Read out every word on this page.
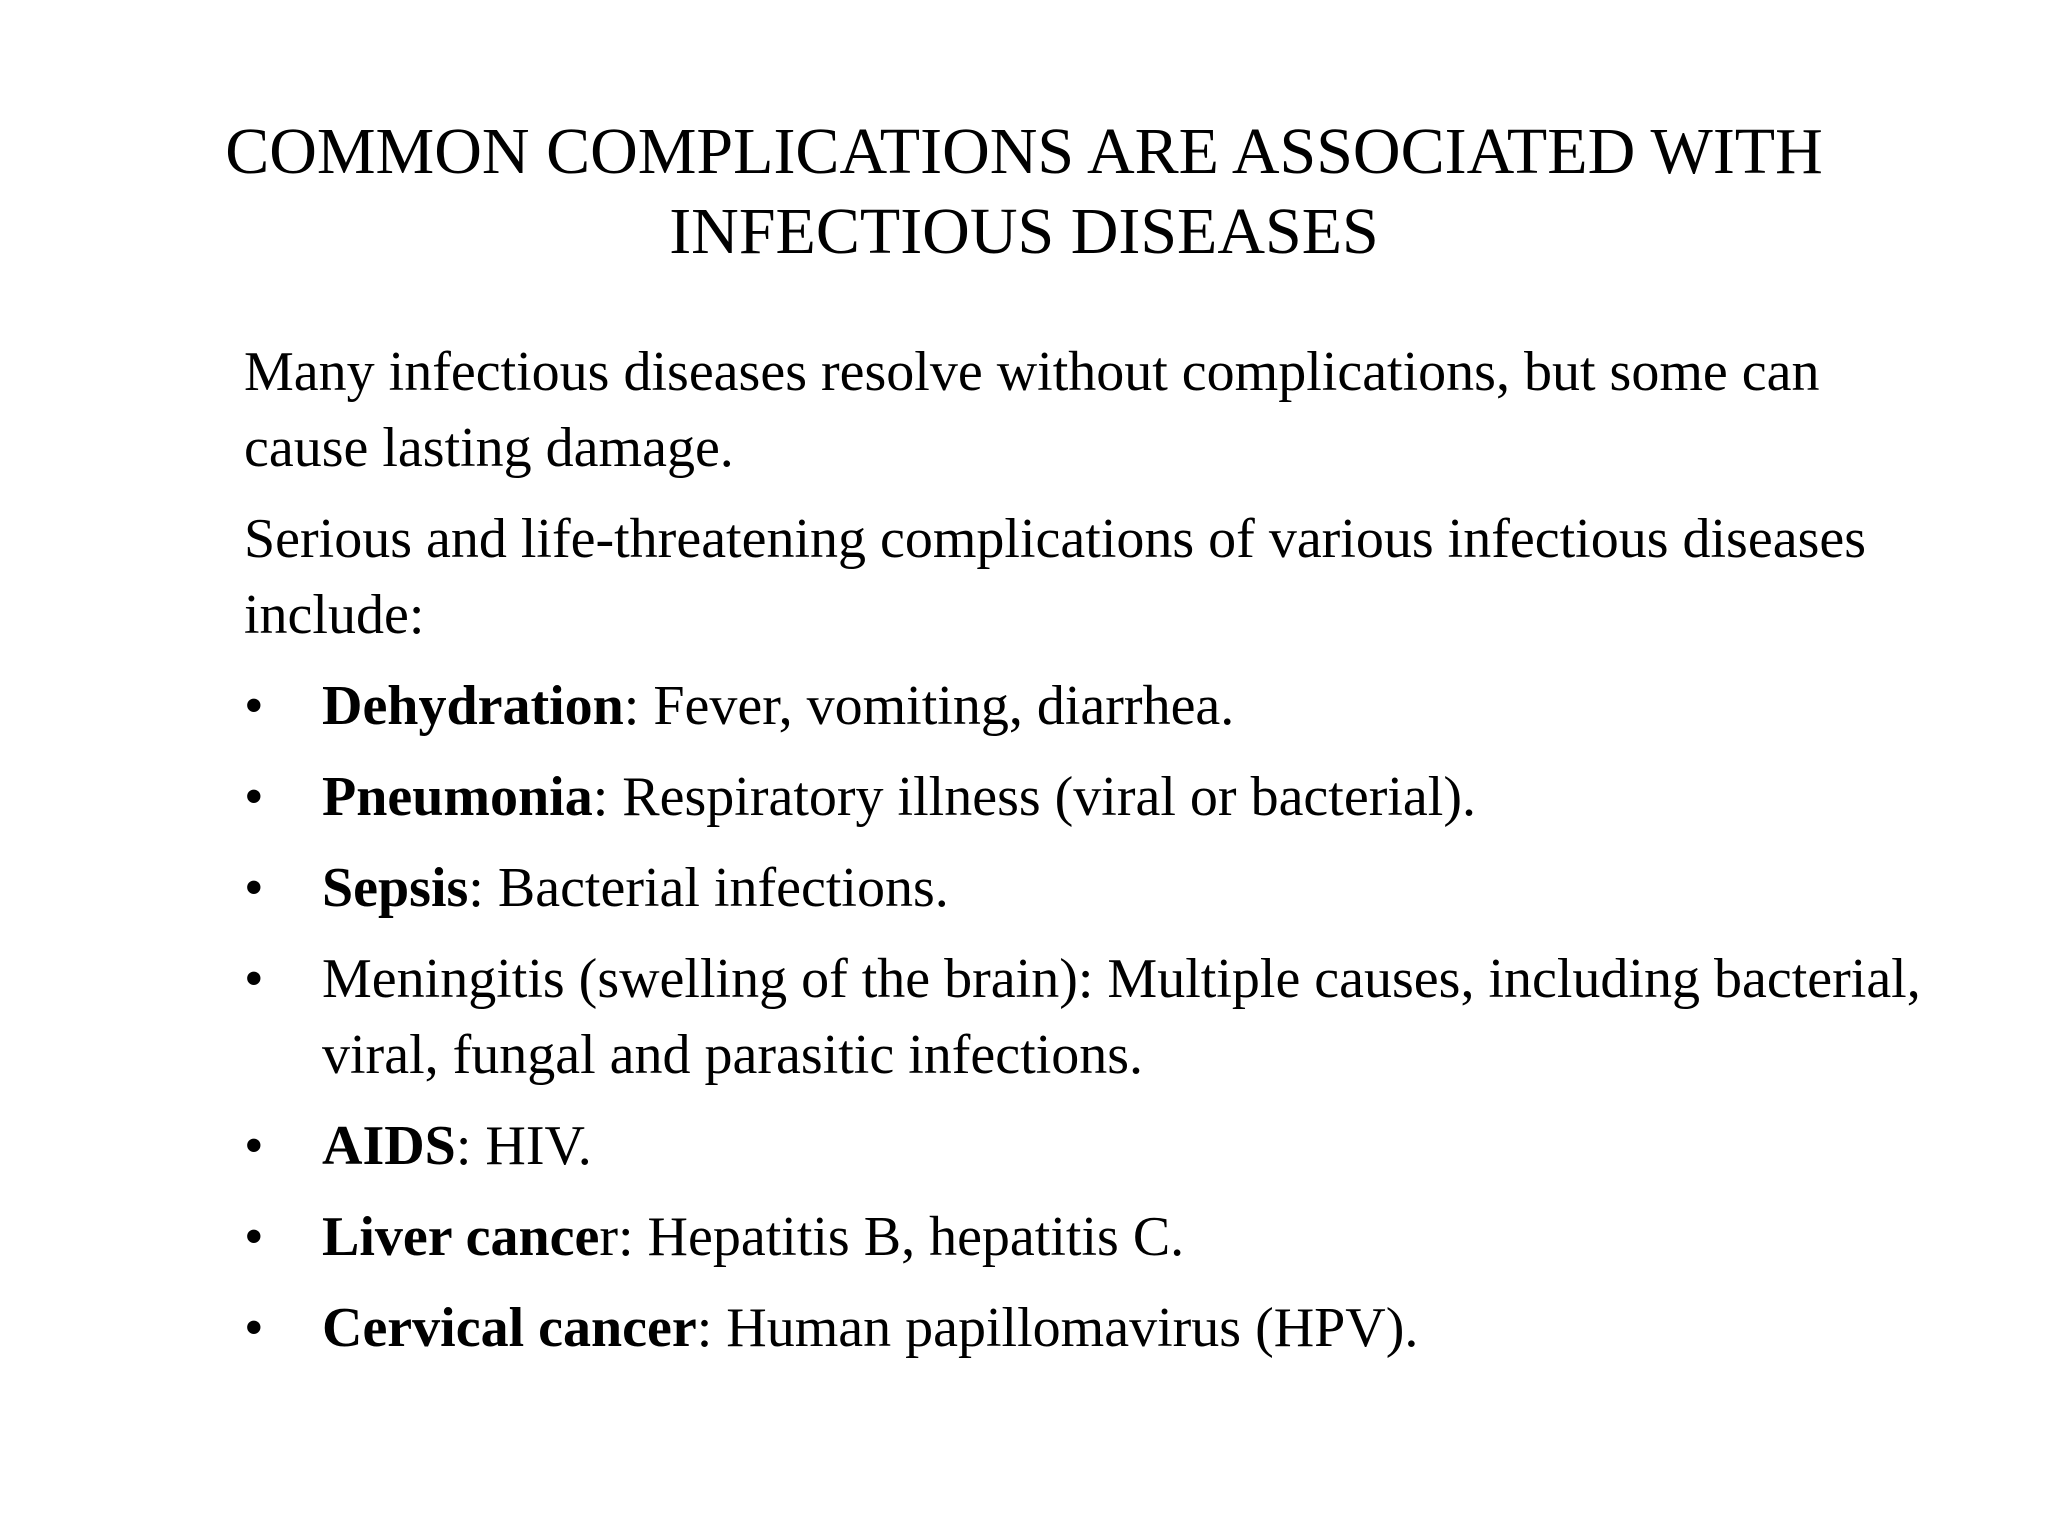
COMMON COMPLICATIONS ARE ASSOCIATED WITH
INFECTIOUS DISEASES

Many infectious diseases resolve without complications, but some can cause lasting damage.

Serious and life-threatening complications of various infectious diseases include:

• Dehydration: Fever, vomiting, diarrhea.
• Pneumonia: Respiratory illness (viral or bacterial).
• Sepsis: Bacterial infections.
• Meningitis (swelling of the brain): Multiple causes, including bacterial, viral, fungal and parasitic infections.
• AIDS: HIV.
• Liver cancer: Hepatitis B, hepatitis C.
• Cervical cancer: Human papillomavirus (HPV).
